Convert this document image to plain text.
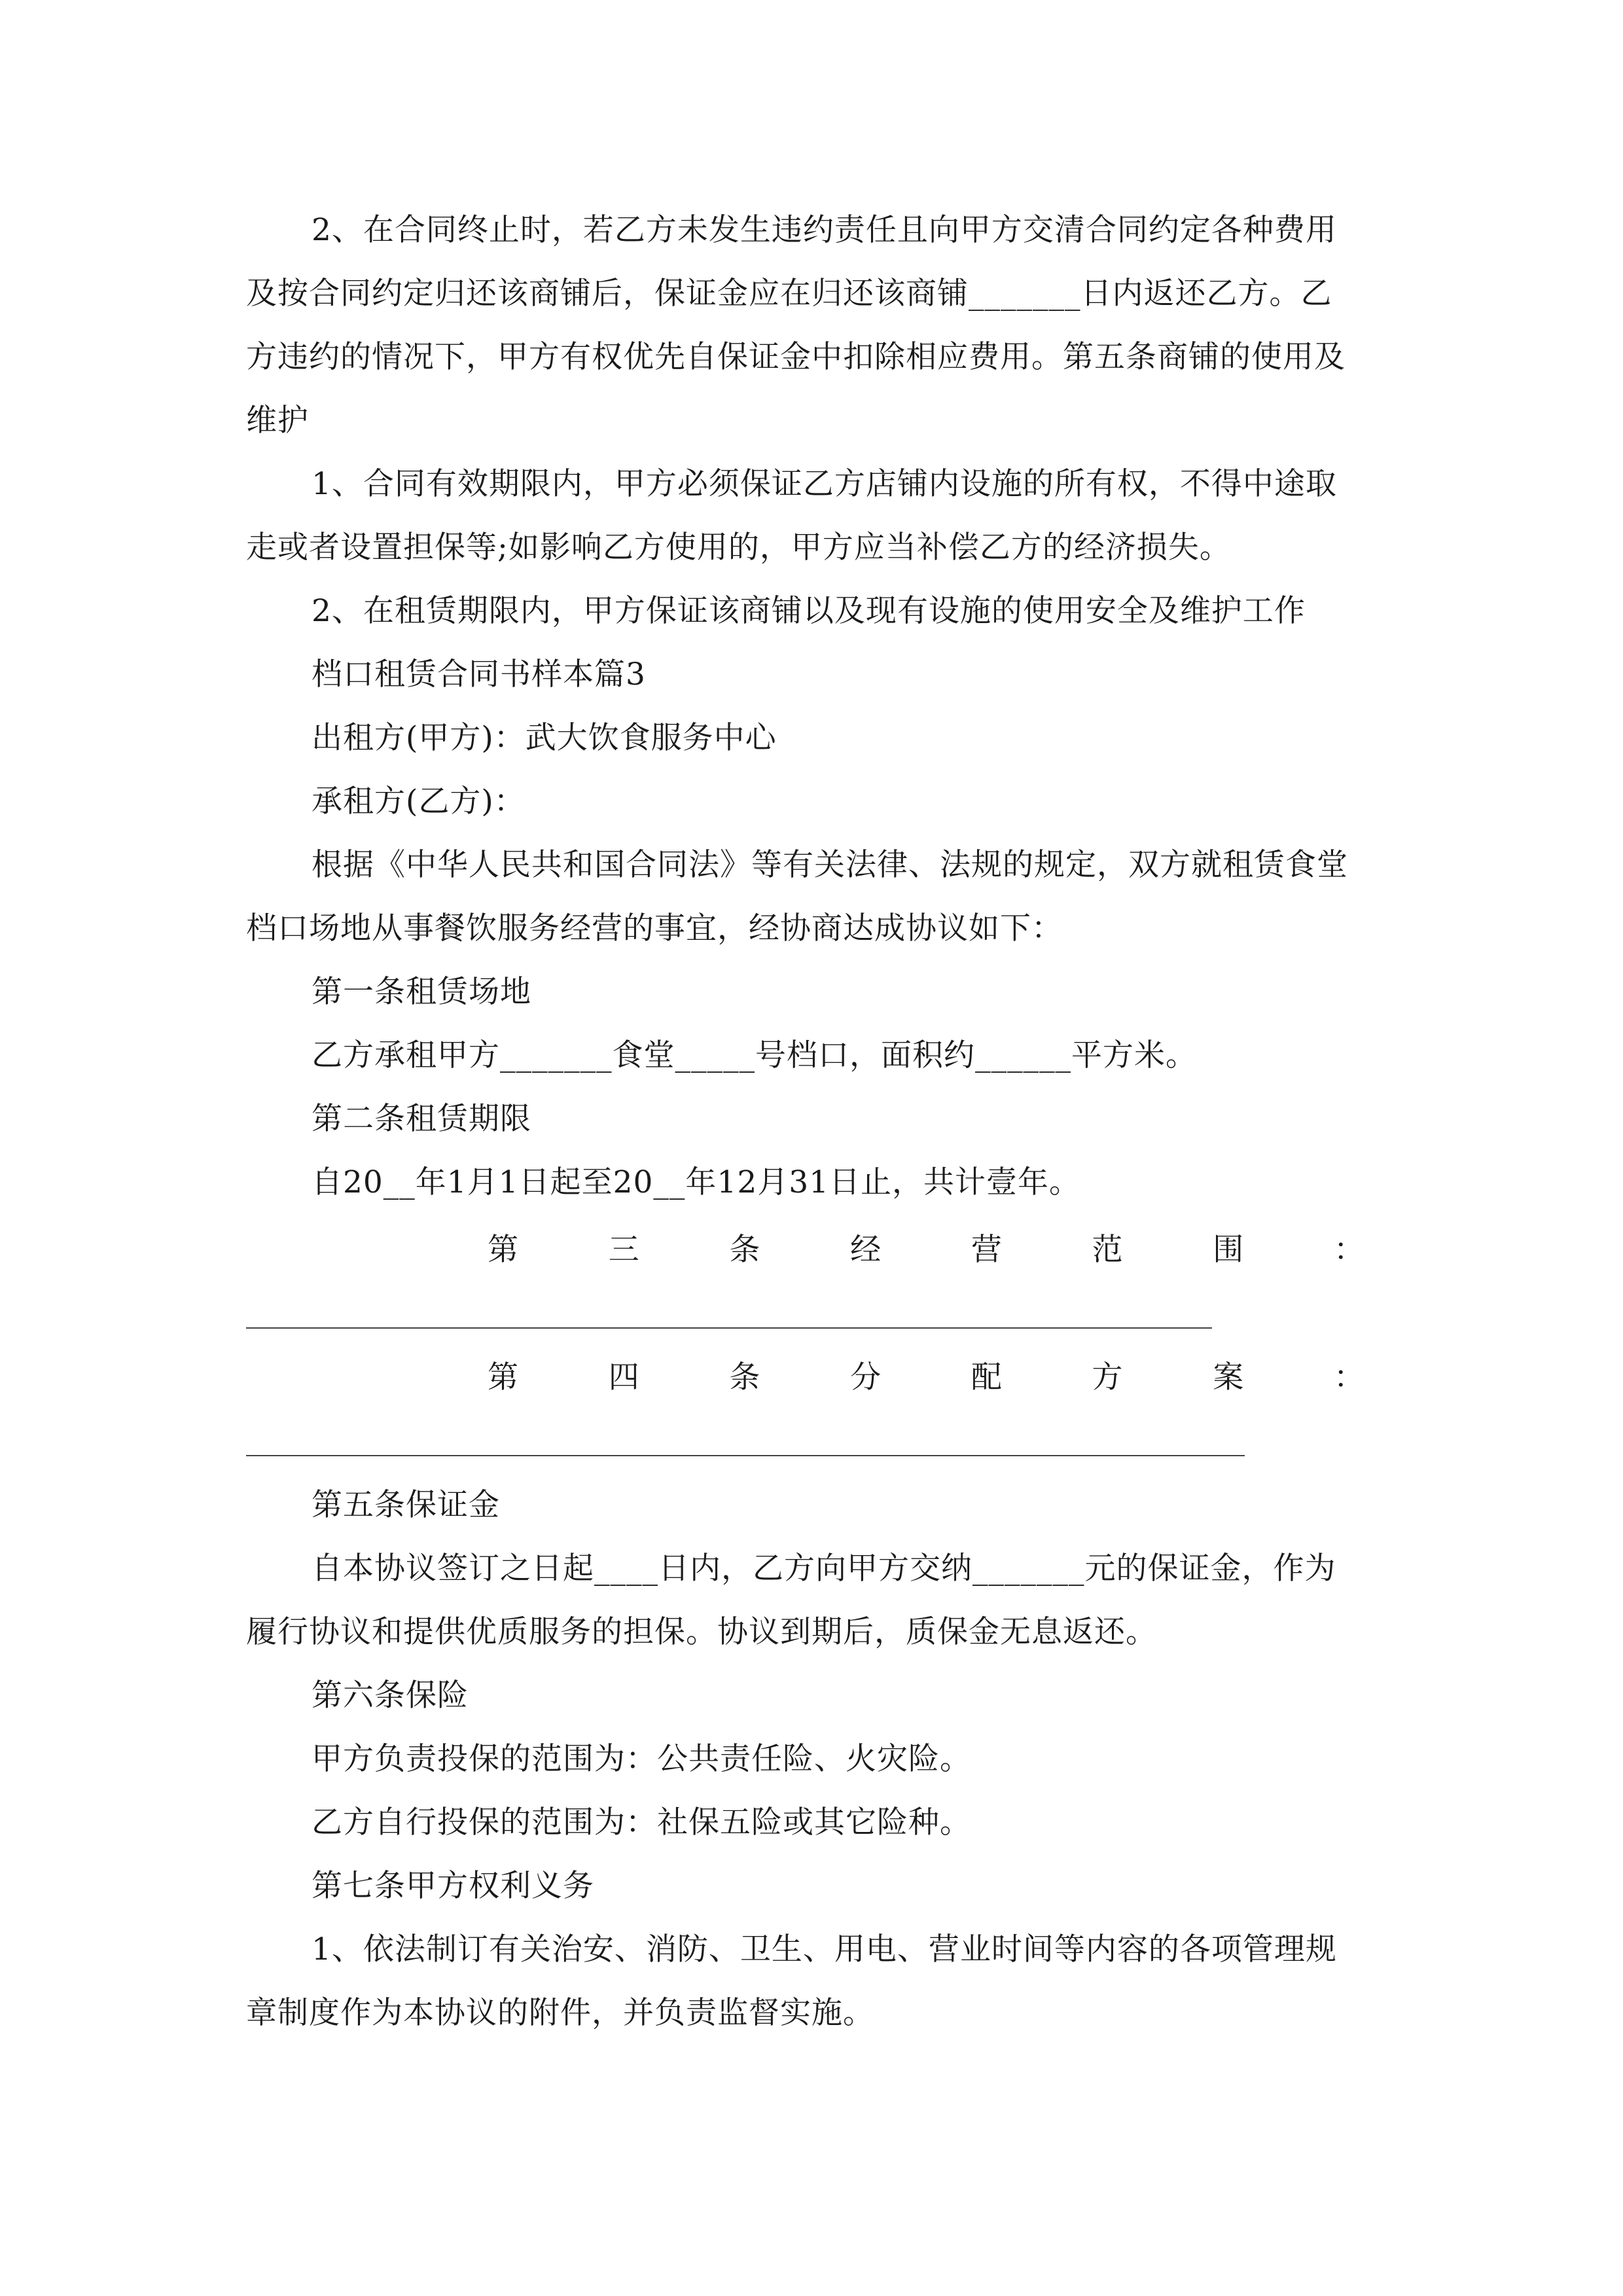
2、在合同终止时，若乙方未发生违约责任且向甲方交清合同约定各种费用
及按合同约定归还该商铺后，保证金应在归还该商铺_______日内返还乙方。乙
方违约的情况下，甲方有权优先自保证金中扣除相应费用。第五条商铺的使用及
维护
1、合同有效期限内，甲方必须保证乙方店铺内设施的所有权，不得中途取
走或者设置担保等;如影响乙方使用的，甲方应当补偿乙方的经济损失。
2、在租赁期限内，甲方保证该商铺以及现有设施的使用安全及维护工作
档口租赁合同书样本篇3
出租方(甲方)：武大饮食服务中心
承租方(乙方)：
根据《中华人民共和国合同法》等有关法律、法规的规定，双方就租赁食堂
档口场地从事餐饮服务经营的事宜，经协商达成协议如下：
第一条租赁场地
乙方承租甲方_______食堂_____号档口，面积约______平方米。
第二条租赁期限
自20__年1月1日起至20__年12月31日止，共计壹年。
第	三	条	经	营	范	围	：
第	四	条	分	配	方	案	：
第五条保证金
自本协议签订之日起____日内，乙方向甲方交纳_______元的保证金，作为
履行协议和提供优质服务的担保。协议到期后，质保金无息返还。
第六条保险
甲方负责投保的范围为：公共责任险、火灾险。
乙方自行投保的范围为：社保五险或其它险种。
第七条甲方权利义务
1、依法制订有关治安、消防、卫生、用电、营业时间等内容的各项管理规
章制度作为本协议的附件，并负责监督实施。
